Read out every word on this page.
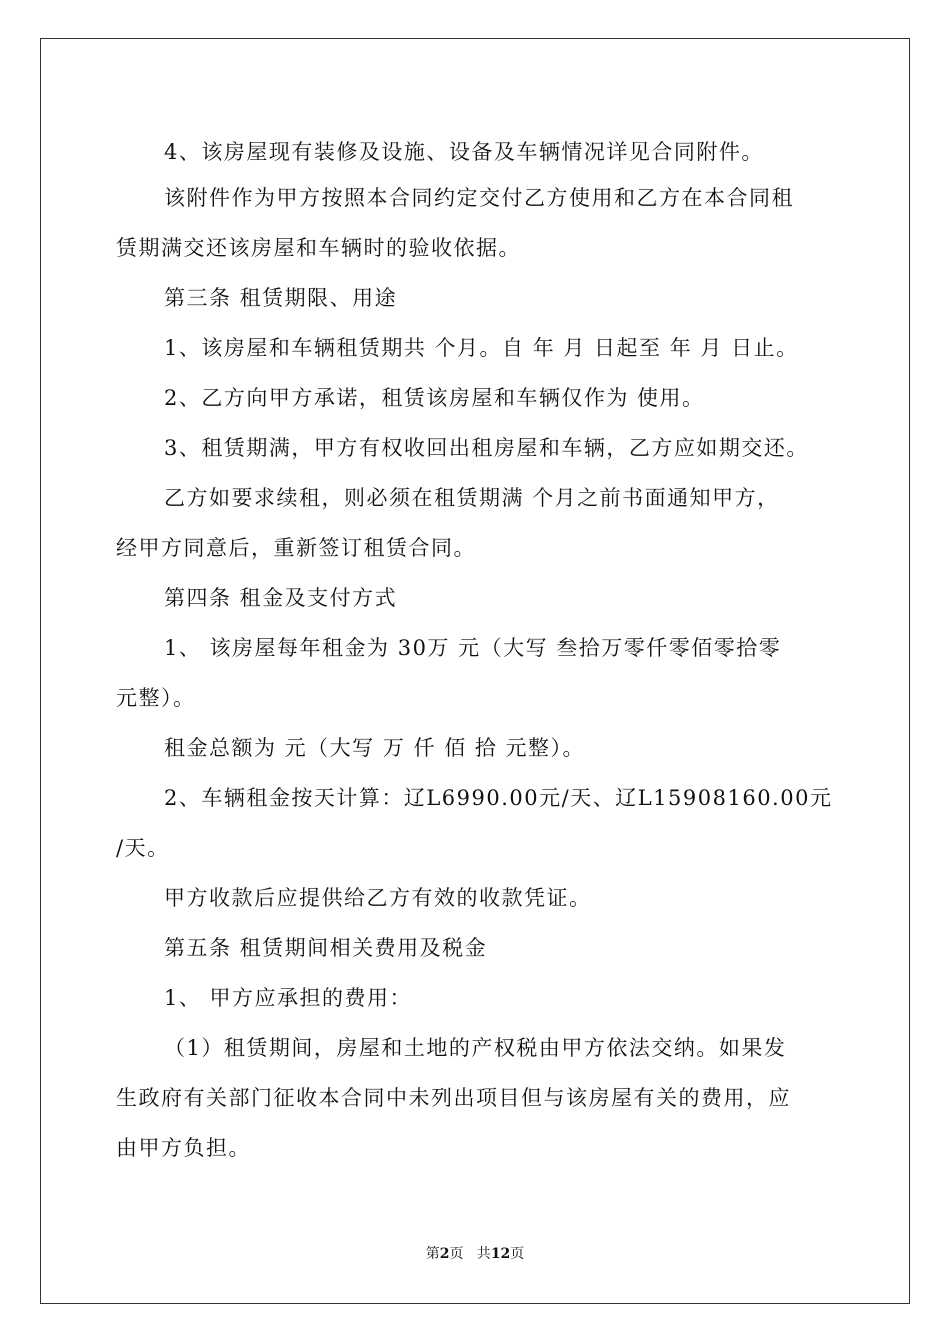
4、该房屋现有装修及设施、设备及车辆情况详见合同附件。
该附件作为甲方按照本合同约定交付乙方使用和乙方在本合同租
赁期满交还该房屋和车辆时的验收依据。
第三条 租赁期限、用途
1、该房屋和车辆租赁期共 个月。自 年 月 日起至 年 月 日止。
2、乙方向甲方承诺，租赁该房屋和车辆仅作为 使用。
3、租赁期满，甲方有权收回出租房屋和车辆，乙方应如期交还。
乙方如要求续租，则必须在租赁期满 个月之前书面通知甲方，
经甲方同意后，重新签订租赁合同。
第四条 租金及支付方式
1、 该房屋每年租金为 30万 元（大写 叁拾万零仟零佰零拾零
元整）。
租金总额为 元（大写 万 仟 佰 拾 元整）。
2、车辆租金按天计算：辽L6990.00元/天、辽L15908160.00元
/天。
甲方收款后应提供给乙方有效的收款凭证。
第五条 租赁期间相关费用及税金
1、 甲方应承担的费用：
（1）租赁期间，房屋和土地的产权税由甲方依法交纳。如果发
生政府有关部门征收本合同中未列出项目但与该房屋有关的费用，应
由甲方负担。
第2页   共12页
